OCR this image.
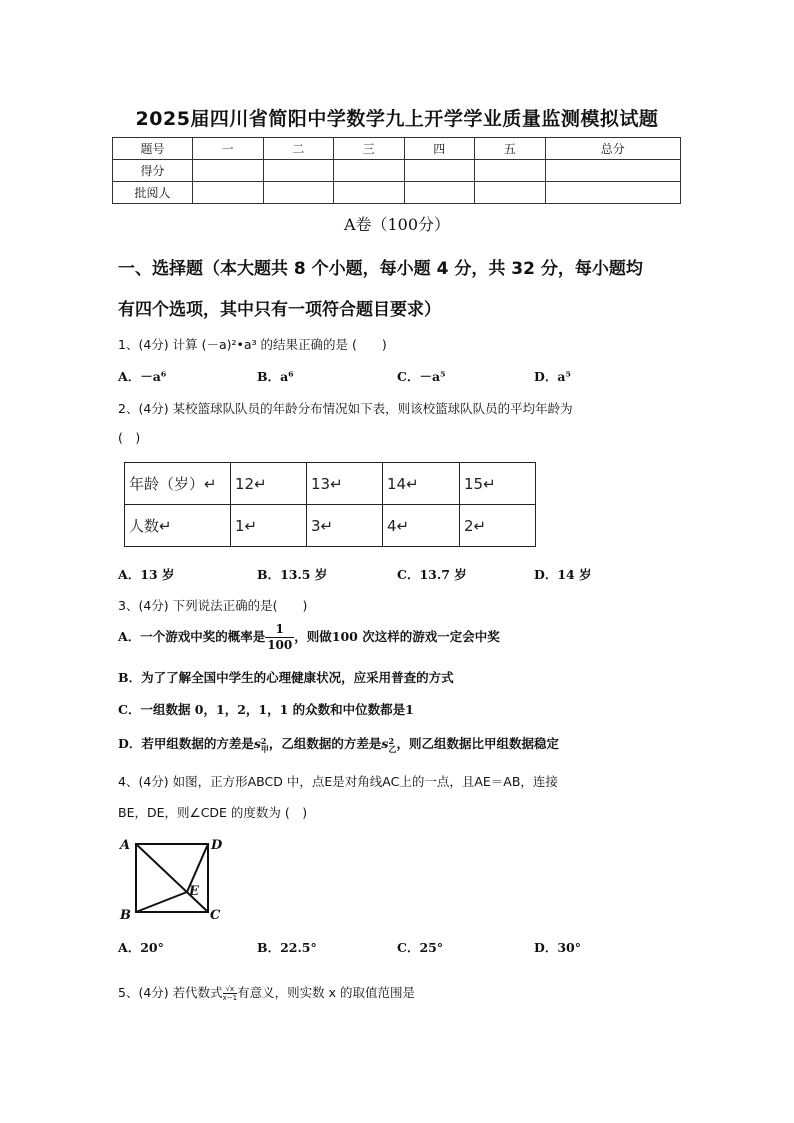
2025届四川省简阳中学数学九上开学学业质量监测模拟试题
题号	一	二	三	四	五	总分
得分						
批阅人						
A卷（100分）
一、选择题（本大题共 8 个小题，每小题 4 分，共 32 分，每小题均
有四个选项，其中只有一项符合题目要求）
1、(4分) 计算 (－a)²•a³ 的结果正确的是 (　　)
A．－a⁶	B．a⁶	C．－a⁵	D．a⁵
2、(4分) 某校篮球队队员的年龄分布情况如下表，则该校篮球队队员的平均年龄为
(　)
年龄（岁）↵	12↵	13↵	14↵	15↵
人数↵	1↵	3↵	4↵	2↵
A．13 岁	B．13.5 岁	C．13.7 岁	D．14 岁
3、(4分) 下列说法正确的是(　　)
A．一个游戏中奖的概率是 $\frac{1}{100}$ ，则做100 次这样的游戏一定会中奖
B．为了了解全国中学生的心理健康状况，应采用普查的方式
C．一组数据 0，1，2，1，1 的众数和中位数都是1
D．若甲组数据的方差是s 2
甲 ，乙组数据的方差是s 2
乙 ，则乙组数据比甲组数据稳定
4、(4分) 如图，正方形ABCD 中，点E是对角线AC上的一点，且AE＝AB，连接
BE，DE，则∠CDE 的度数为 (　)
A	D
B	C
E
A．20°	B．22.5°	C．25°	D．30°
5、(4分) 若代数式 $\frac{√x}{x-1}$ 有意义，则实数 x 的取值范围是
